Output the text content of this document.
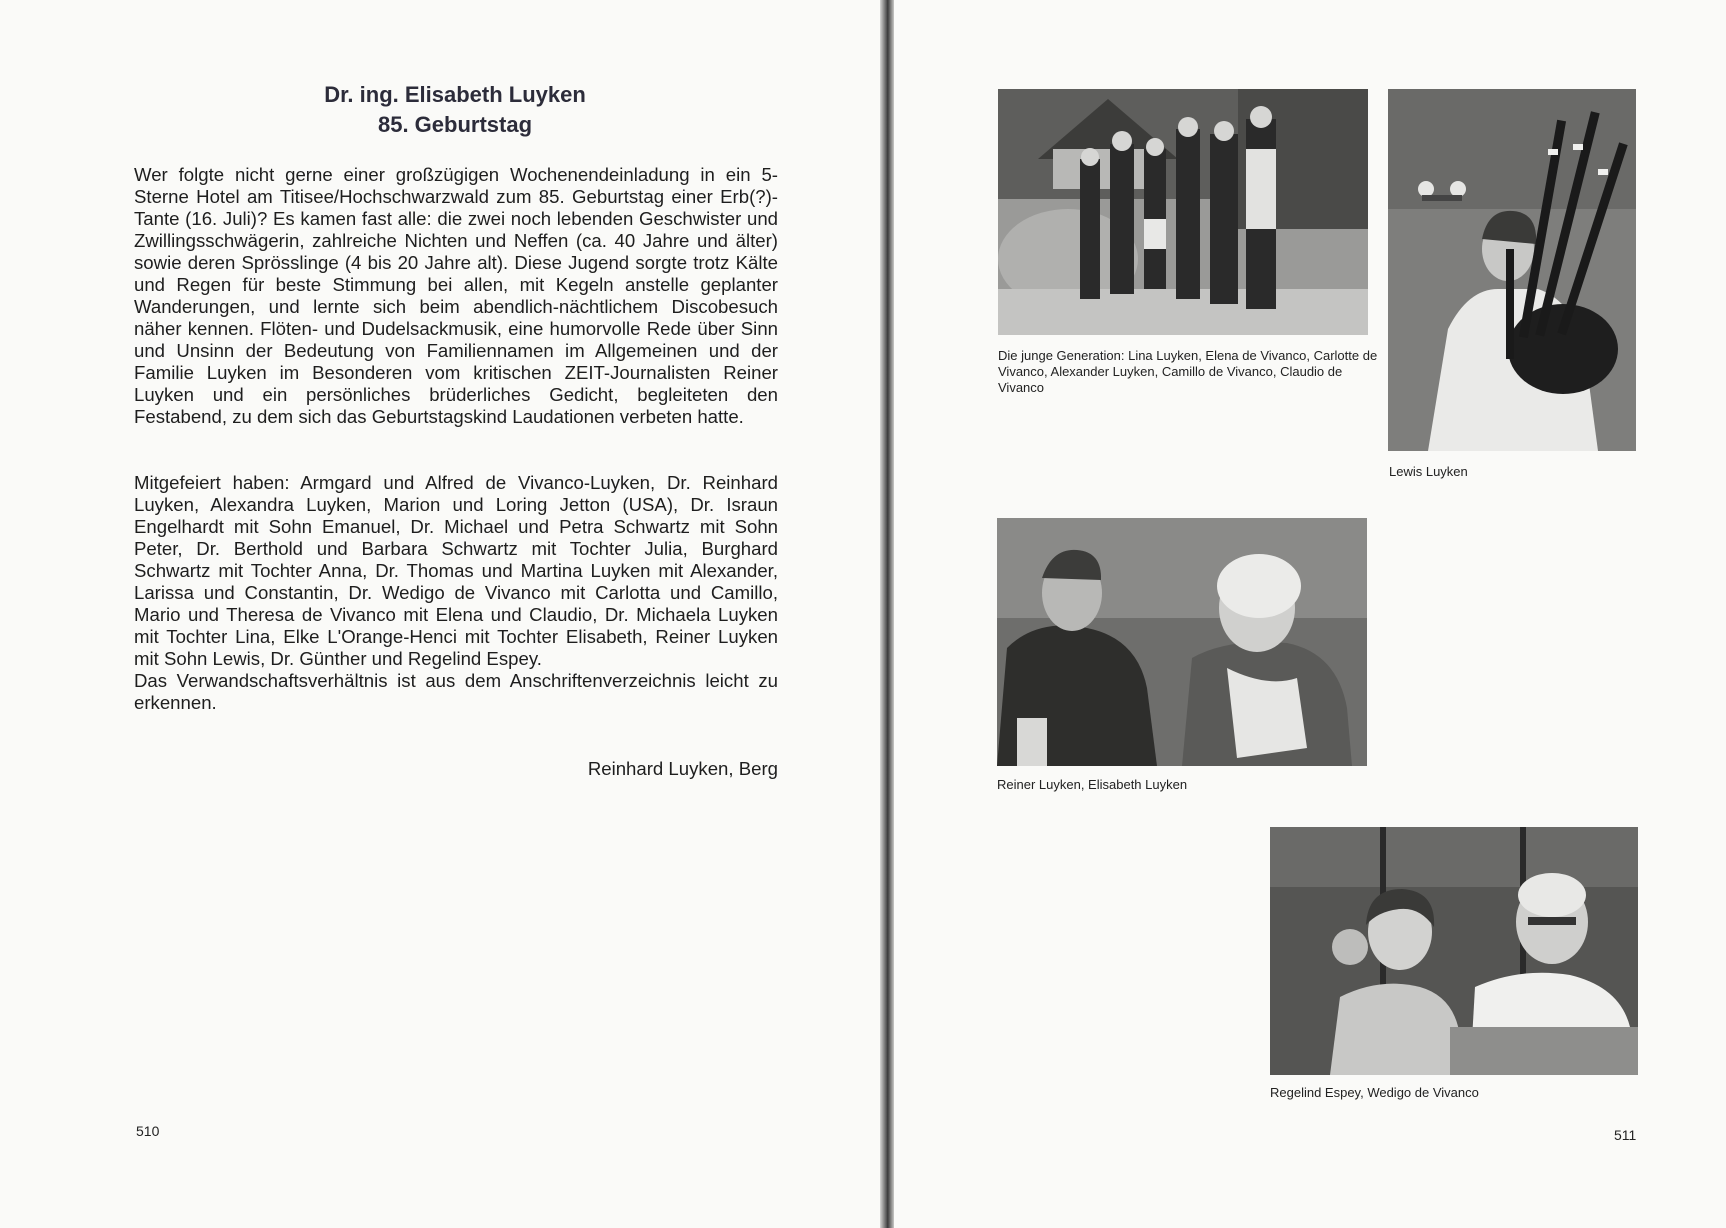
Dr. ing. Elisabeth Luyken
85. Geburtstag

Wer folgte nicht gerne einer großzügigen Wochenendeinladung in ein 5-Sterne Hotel am Titisee/Hochschwarzwald zum 85. Geburtstag einer Erb(?)-Tante (16. Juli)? Es kamen fast alle: die zwei noch lebenden Geschwister und Zwillingsschwägerin, zahlreiche Nichten und Neffen (ca. 40 Jahre und älter) sowie deren Sprösslinge (4 bis 20 Jahre alt). Diese Jugend sorgte trotz Kälte und Regen für beste Stimmung bei allen, mit Kegeln anstelle geplanter Wanderungen, und lernte sich beim abendlich-nächtlichem Discobesuch näher kennen. Flöten- und Dudelsackmusik, eine humorvolle Rede über Sinn und Unsinn der Bedeutung von Familiennamen im Allgemeinen und der Familie Luyken im Besonderen vom kritischen ZEIT-Journalisten Reiner Luyken und ein persönliches brüderliches Gedicht, begleiteten den Festabend, zu dem sich das Geburtstagskind Laudationen verbeten hatte.

Mitgefeiert haben: Armgard und Alfred de Vivanco-Luyken, Dr. Reinhard Luyken, Alexandra Luyken, Marion und Loring Jetton (USA), Dr. Israun Engelhardt mit Sohn Emanuel, Dr. Michael und Petra Schwartz mit Sohn Peter, Dr. Berthold und Barbara Schwartz mit Tochter Julia, Burghard Schwartz mit Tochter Anna, Dr. Thomas und Martina Luyken mit Alexander, Larissa und Constantin, Dr. Wedigo de Vivanco mit Carlotta und Camillo, Mario und Theresa de Vivanco mit Elena und Claudio, Dr. Michaela Luyken mit Tochter Lina, Elke L'Orange-Henci mit Tochter Elisabeth, Reiner Luyken mit Sohn Lewis, Dr. Günther und Regelind Espey.

Das Verwandschaftsverhältnis ist aus dem Anschriftenverzeichnis leicht zu erkennen.

Reinhard Luyken, Berg
510
Die junge Generation: Lina Luyken, Elena de Vivanco, Carlotte de Vivanco, Alexander Luyken, Camillo de Vivanco, Claudio de Vivanco
Lewis Luyken
Reiner Luyken, Elisabeth Luyken
Regelind Espey, Wedigo de Vivanco
511
